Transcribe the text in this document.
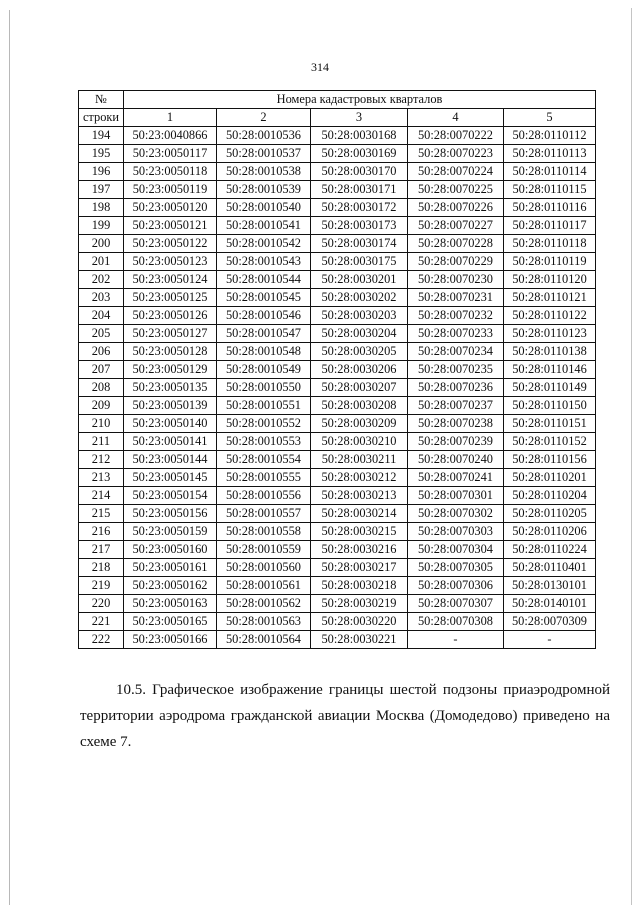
314
№	Номера кадастровых кварталов				
строки	1	2	3	4	5
194	50:23:0040866	50:28:0010536	50:28:0030168	50:28:0070222	50:28:0110112
195	50:23:0050117	50:28:0010537	50:28:0030169	50:28:0070223	50:28:0110113
196	50:23:0050118	50:28:0010538	50:28:0030170	50:28:0070224	50:28:0110114
197	50:23:0050119	50:28:0010539	50:28:0030171	50:28:0070225	50:28:0110115
198	50:23:0050120	50:28:0010540	50:28:0030172	50:28:0070226	50:28:0110116
199	50:23:0050121	50:28:0010541	50:28:0030173	50:28:0070227	50:28:0110117
200	50:23:0050122	50:28:0010542	50:28:0030174	50:28:0070228	50:28:0110118
201	50:23:0050123	50:28:0010543	50:28:0030175	50:28:0070229	50:28:0110119
202	50:23:0050124	50:28:0010544	50:28:0030201	50:28:0070230	50:28:0110120
203	50:23:0050125	50:28:0010545	50:28:0030202	50:28:0070231	50:28:0110121
204	50:23:0050126	50:28:0010546	50:28:0030203	50:28:0070232	50:28:0110122
205	50:23:0050127	50:28:0010547	50:28:0030204	50:28:0070233	50:28:0110123
206	50:23:0050128	50:28:0010548	50:28:0030205	50:28:0070234	50:28:0110138
207	50:23:0050129	50:28:0010549	50:28:0030206	50:28:0070235	50:28:0110146
208	50:23:0050135	50:28:0010550	50:28:0030207	50:28:0070236	50:28:0110149
209	50:23:0050139	50:28:0010551	50:28:0030208	50:28:0070237	50:28:0110150
210	50:23:0050140	50:28:0010552	50:28:0030209	50:28:0070238	50:28:0110151
211	50:23:0050141	50:28:0010553	50:28:0030210	50:28:0070239	50:28:0110152
212	50:23:0050144	50:28:0010554	50:28:0030211	50:28:0070240	50:28:0110156
213	50:23:0050145	50:28:0010555	50:28:0030212	50:28:0070241	50:28:0110201
214	50:23:0050154	50:28:0010556	50:28:0030213	50:28:0070301	50:28:0110204
215	50:23:0050156	50:28:0010557	50:28:0030214	50:28:0070302	50:28:0110205
216	50:23:0050159	50:28:0010558	50:28:0030215	50:28:0070303	50:28:0110206
217	50:23:0050160	50:28:0010559	50:28:0030216	50:28:0070304	50:28:0110224
218	50:23:0050161	50:28:0010560	50:28:0030217	50:28:0070305	50:28:0110401
219	50:23:0050162	50:28:0010561	50:28:0030218	50:28:0070306	50:28:0130101
220	50:23:0050163	50:28:0010562	50:28:0030219	50:28:0070307	50:28:0140101
221	50:23:0050165	50:28:0010563	50:28:0030220	50:28:0070308	50:28:0070309
222	50:23:0050166	50:28:0010564	50:28:0030221	-	-
10.5. Графическое изображение границы шестой подзоны приаэродромной территории аэродрома гражданской авиации Москва (Домодедово) приведено на схеме 7.
